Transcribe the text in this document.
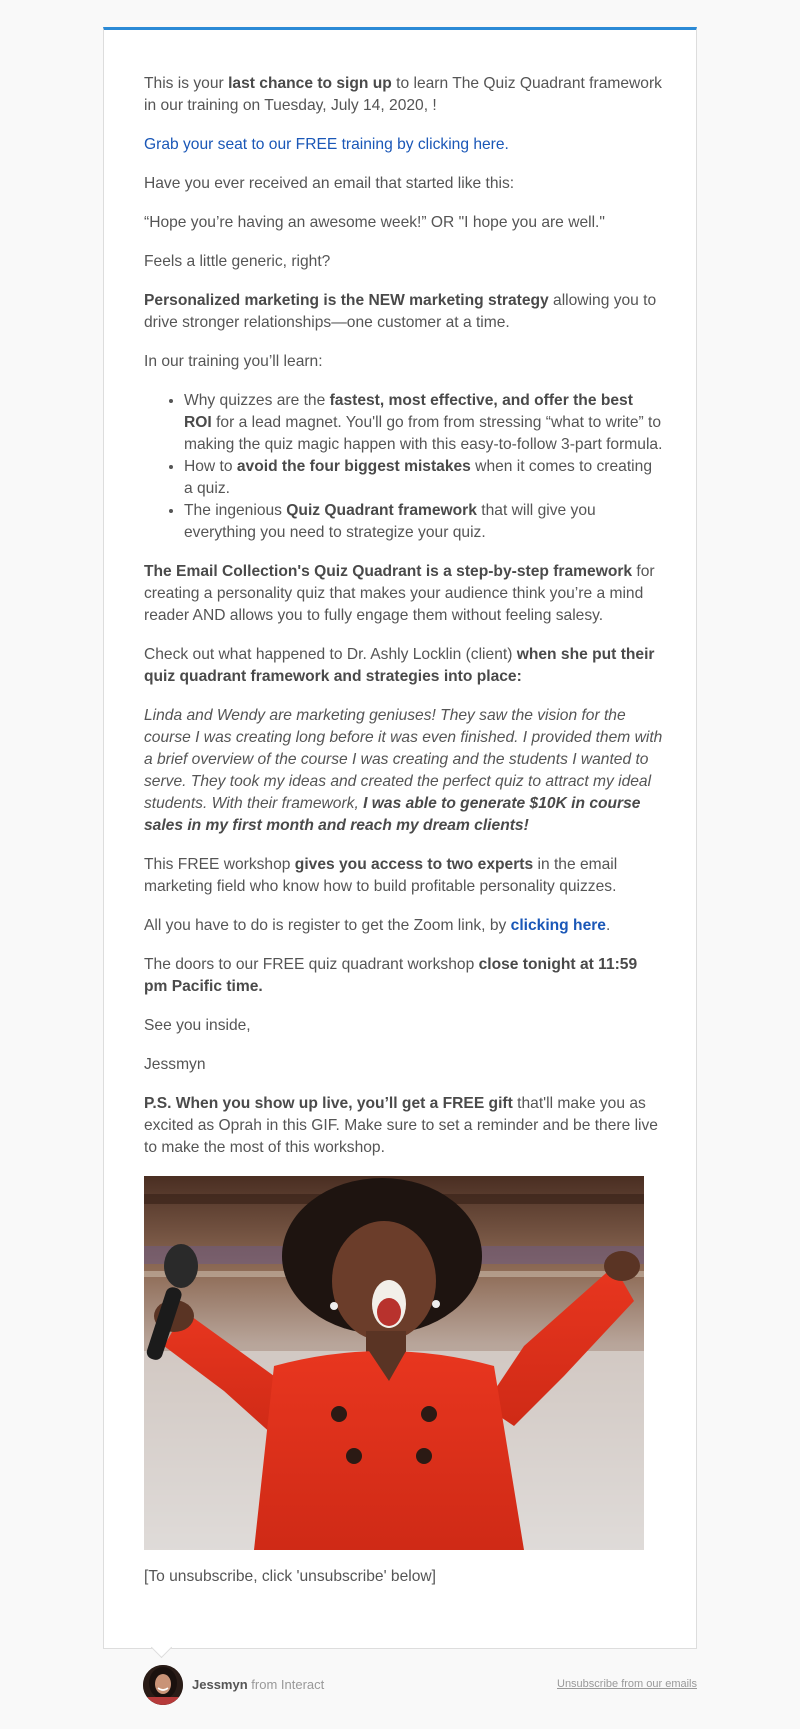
This is your last chance to sign up to learn The Quiz Quadrant framework in our training on Tuesday, July 14, 2020, !

Grab your seat to our FREE training by clicking here.

Have you ever received an email that started like this:

“Hope you’re having an awesome week!” OR "I hope you are well."

Feels a little generic, right?

Personalized marketing is the NEW marketing strategy allowing you to drive stronger relationships—one customer at a time.

In our training you’ll learn:

• Why quizzes are the fastest, most effective, and offer the best ROI for a lead magnet. You'll go from from stressing “what to write” to making the quiz magic happen with this easy-to-follow 3-part formula.
• How to avoid the four biggest mistakes when it comes to creating a quiz.
• The ingenious Quiz Quadrant framework that will give you everything you need to strategize your quiz.

The Email Collection's Quiz Quadrant is a step-by-step framework for creating a personality quiz that makes your audience think you’re a mind reader AND allows you to fully engage them without feeling salesy.

Check out what happened to Dr. Ashly Locklin (client) when she put their quiz quadrant framework and strategies into place:

Linda and Wendy are marketing geniuses! They saw the vision for the course I was creating long before it was even finished. I provided them with a brief overview of the course I was creating and the students I wanted to serve. They took my ideas and created the perfect quiz to attract my ideal students. With their framework, I was able to generate $10K in course sales in my first month and reach my dream clients!

This FREE workshop gives you access to two experts in the email marketing field who know how to build profitable personality quizzes.

All you have to do is register to get the Zoom link, by clicking here.

The doors to our FREE quiz quadrant workshop close tonight at 11:59 pm Pacific time.

See you inside,

Jessmyn

P.S. When you show up live, you’ll get a FREE gift that'll make you as excited as Oprah in this GIF. Make sure to set a reminder and be there live to make the most of this workshop.

[To unsubscribe, click 'unsubscribe' below]

Jessmyn from Interact	Unsubscribe from our emails
